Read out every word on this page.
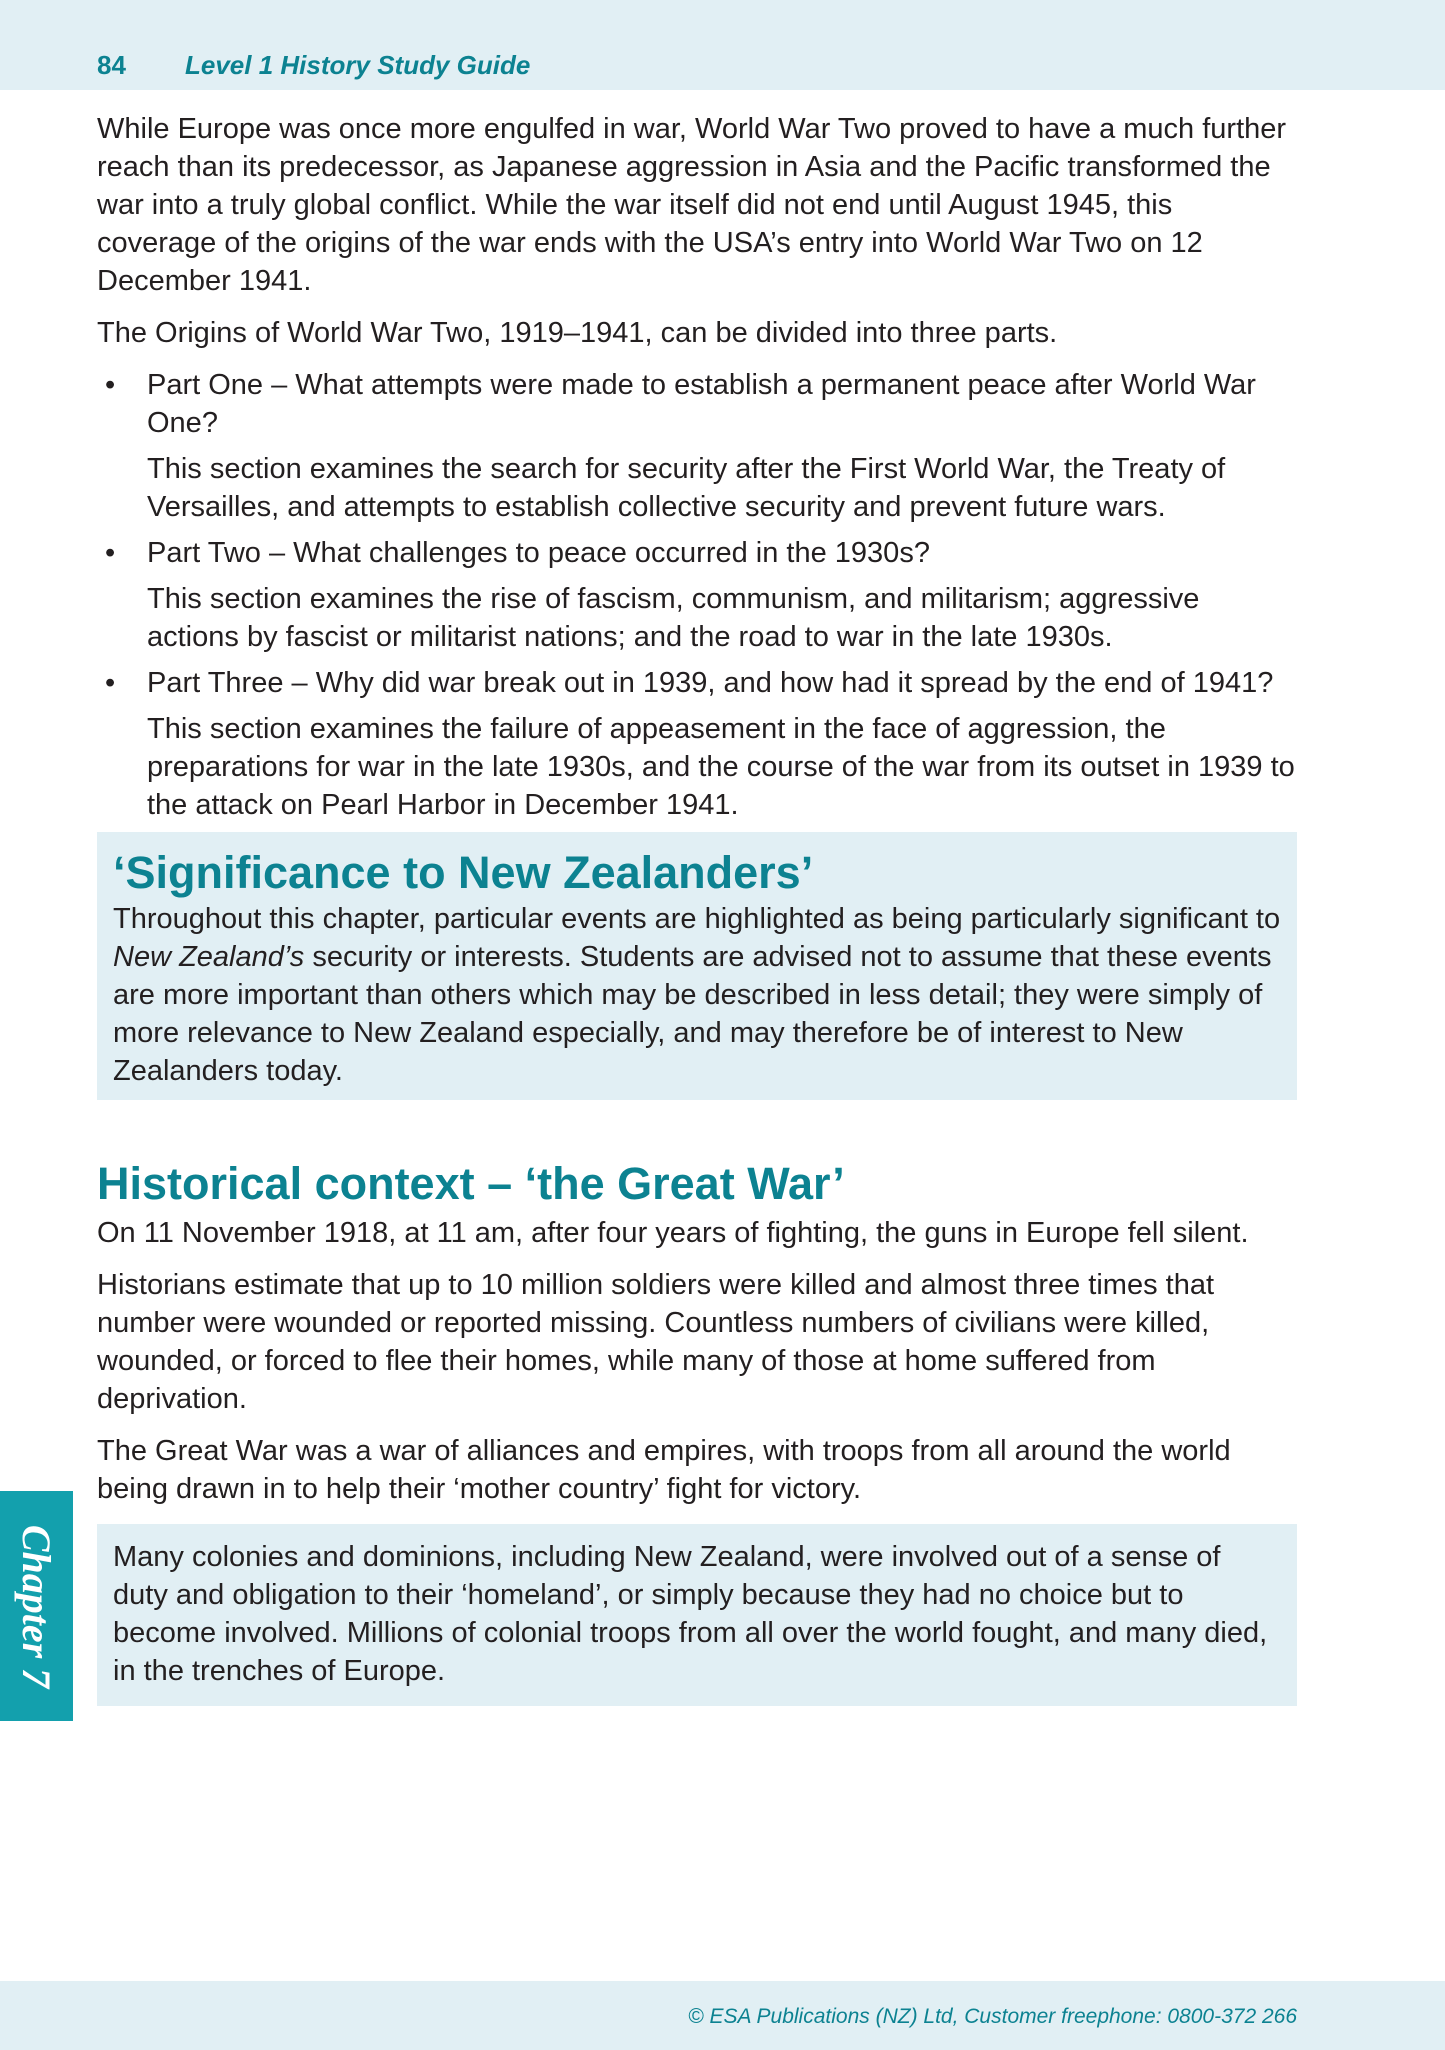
84 Level 1 History Study Guide

While Europe was once more engulfed in war, World War Two proved to have a much further reach than its predecessor, as Japanese aggression in Asia and the Pacific transformed the war into a truly global conflict. While the war itself did not end until August 1945, this coverage of the origins of the war ends with the USA’s entry into World War Two on 12 December 1941.

The Origins of World War Two, 1919–1941, can be divided into three parts.

• Part One – What attempts were made to establish a permanent peace after World War One?

This section examines the search for security after the First World War, the Treaty of Versailles, and attempts to establish collective security and prevent future wars.

• Part Two – What challenges to peace occurred in the 1930s?

This section examines the rise of fascism, communism, and militarism; aggressive actions by fascist or militarist nations; and the road to war in the late 1930s.

• Part Three – Why did war break out in 1939, and how had it spread by the end of 1941?

This section examines the failure of appeasement in the face of aggression, the preparations for war in the late 1930s, and the course of the war from its outset in 1939 to the attack on Pearl Harbor in December 1941.

‘Significance to New Zealanders’

Throughout this chapter, particular events are highlighted as being particularly significant to New Zealand’s security or interests. Students are advised not to assume that these events are more important than others which may be described in less detail; they were simply of more relevance to New Zealand especially, and may therefore be of interest to New Zealanders today.

Historical context – ‘the Great War’

On 11 November 1918, at 11 am, after four years of fighting, the guns in Europe fell silent.

Historians estimate that up to 10 million soldiers were killed and almost three times that number were wounded or reported missing. Countless numbers of civilians were killed, wounded, or forced to flee their homes, while many of those at home suffered from deprivation.

The Great War was a war of alliances and empires, with troops from all around the world being drawn in to help their ‘mother country’ fight for victory.

Many colonies and dominions, including New Zealand, were involved out of a sense of duty and obligation to their ‘homeland’, or simply because they had no choice but to become involved. Millions of colonial troops from all over the world fought, and many died, in the trenches of Europe.

Chapter 7
© ESA Publications (NZ) Ltd, Customer freephone: 0800-372 266
